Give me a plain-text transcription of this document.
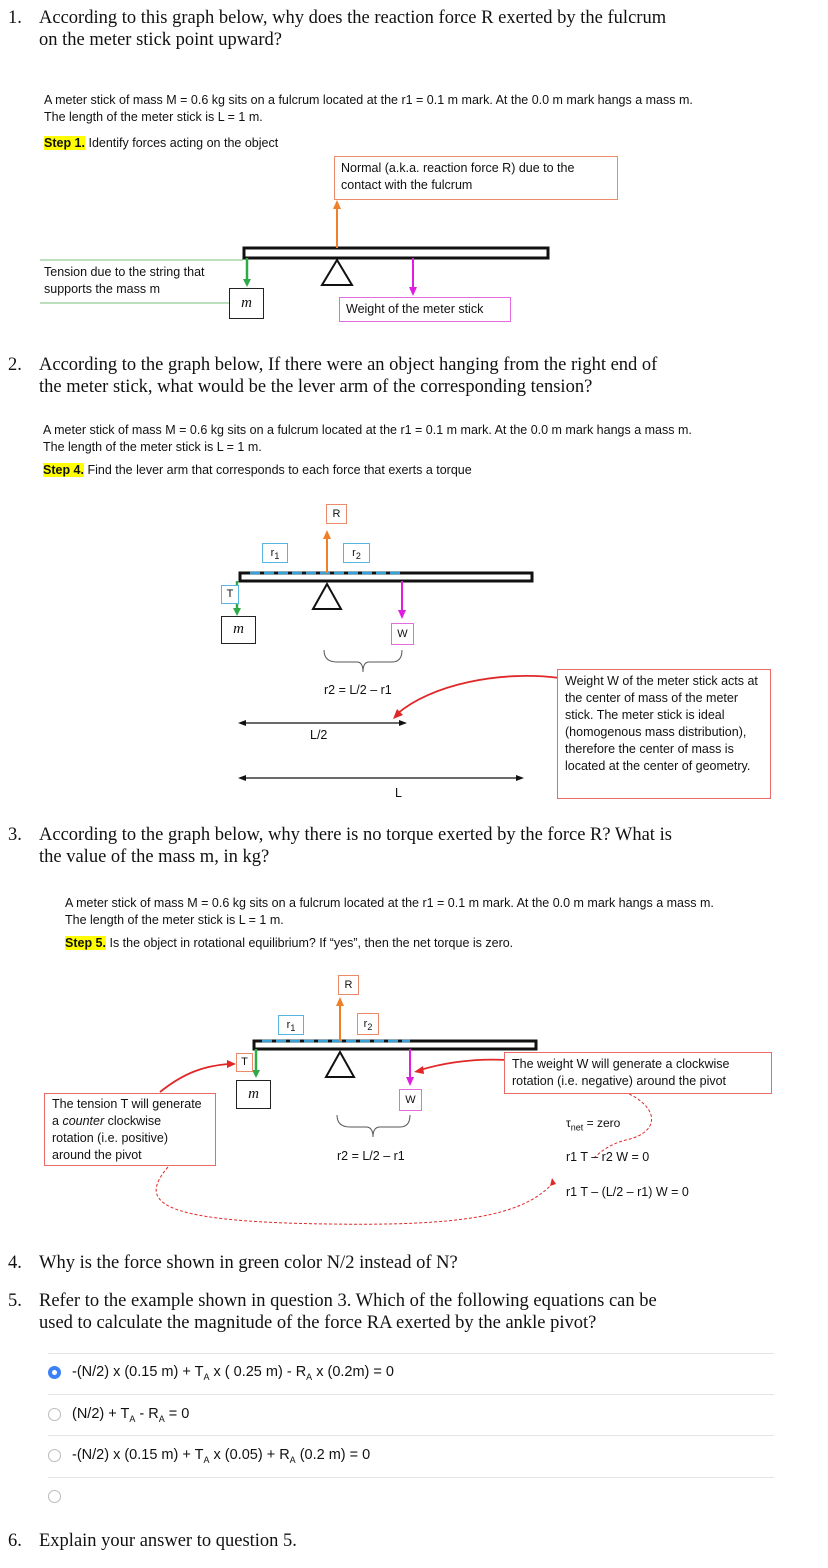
1. According to this graph below, why does the reaction force R exerted by the fulcrum
on the meter stick point upward?
A meter stick of mass M = 0.6 kg sits on a fulcrum located at the r1 = 0.1 m mark. At the 0.0 m mark hangs a mass m.
The length of the meter stick is L = 1 m.
Step 1. Identify forces acting on the object
Normal (a.k.a. reaction force R) due to the contact with the fulcrum
Tension due to the string that supports the mass m
m	Weight of the meter stick
2. According to the graph below, If there were an object hanging from the right end of
the meter stick, what would be the lever arm of the corresponding tension?
A meter stick of mass M = 0.6 kg sits on a fulcrum located at the r1 = 0.1 m mark. At the 0.0 m mark hangs a mass m.
The length of the meter stick is L = 1 m.
Step 4. Find the lever arm that corresponds to each force that exerts a torque
R
$r_1$	$r_2$
T
m	W
r2 = L/2 – r1
L/2
L
Weight W of the meter stick acts at the center of mass of the meter stick. The meter stick is ideal (homogenous mass distribution), therefore the center of mass is located at the center of geometry.
3. According to the graph below, why there is no torque exerted by the force R? What is
the value of the mass m, in kg?
A meter stick of mass M = 0.6 kg sits on a fulcrum located at the r1 = 0.1 m mark. At the 0.0 m mark hangs a mass m.
The length of the meter stick is L = 1 m.
Step 5. Is the object in rotational equilibrium? If “yes”, then the net torque is zero.
R
$r_1$	$r_2$
T
m	W
r2 = L/2 – r1
The tension T will generate
a counter clockwise
rotation (i.e. positive)
around the pivot
The weight W will generate a clockwise rotation (i.e. negative) around the pivot
$\tau_{net}$ = zero
r1 T – r2 W = 0
r1 T – (L/2 – r1) W = 0
4. Why is the force shown in green color N/2 instead of N?
5. Refer to the example shown in question 3. Which of the following equations can be
used to calculate the magnitude of the force RA exerted by the ankle pivot?
-(N/2) x (0.15 $m) + T_A$ x ( 0.25 $m) - R_A$ x (0.2m) = 0
$(N/2) + T_A - R_A = 0$
-(N/2) x (0.15 $m) + T_A$ x $(0.05) + R_A$ (0.2 m) = 0
6. Explain your answer to question 5.
